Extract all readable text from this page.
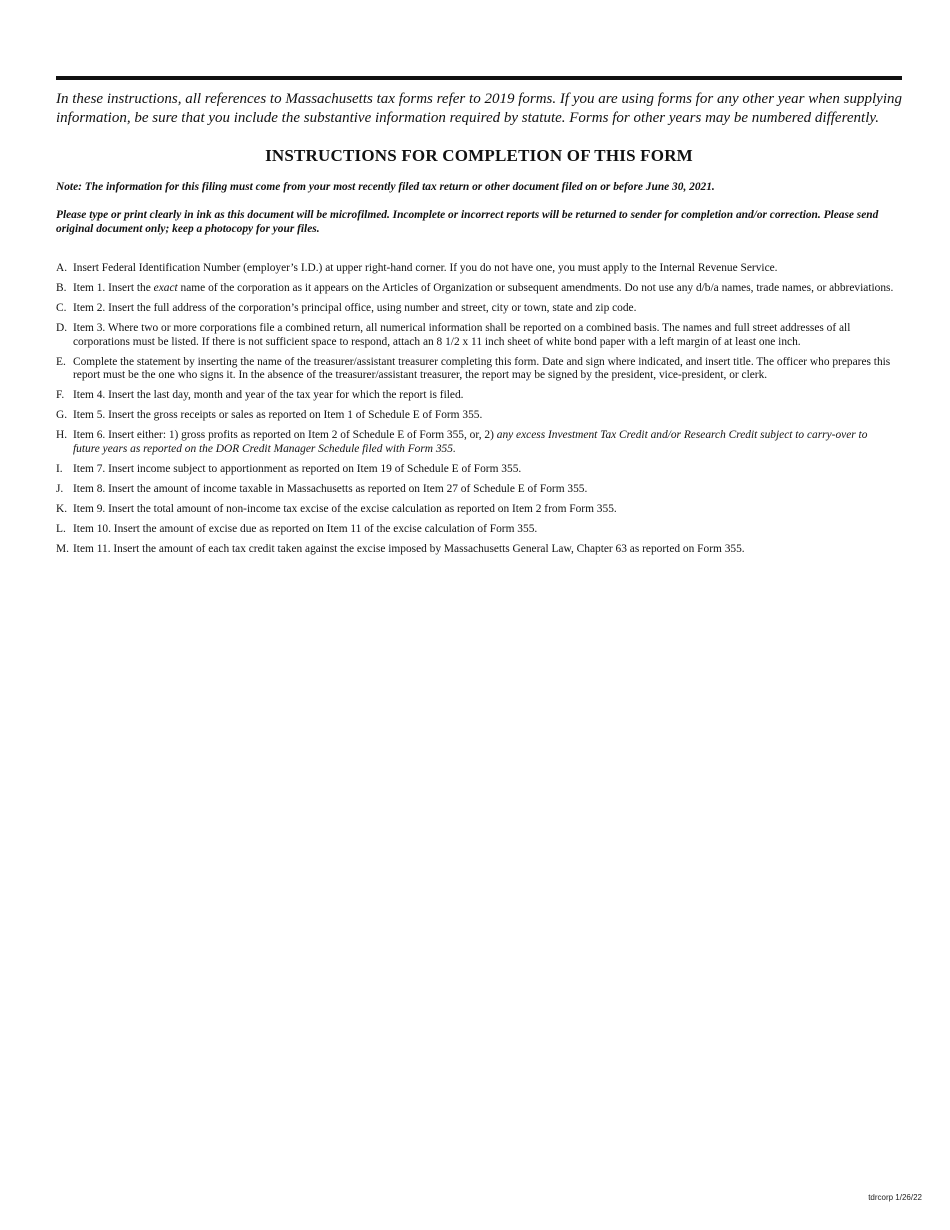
In these instructions, all references to Massachusetts tax forms refer to 2019 forms. If you are using forms for any other year when supplying information, be sure that you include the substantive information required by statute. Forms for other years may be numbered differently.

INSTRUCTIONS FOR COMPLETION OF THIS FORM

Note: The information for this filing must come from your most recently filed tax return or other document filed on or before June 30, 2021.

Please type or print clearly in ink as this document will be microfilmed. Incomplete or incorrect reports will be returned to sender for completion and/or correction. Please send original document only; keep a photocopy for your files.

A. Insert Federal Identification Number (employer’s I.D.) at upper right-hand corner. If you do not have one, you must apply to the Internal Revenue Service.
B. Item 1. Insert the exact name of the corporation as it appears on the Articles of Organization or subsequent amendments. Do not use any d/b/a names, trade names, or abbreviations.
C. Item 2. Insert the full address of the corporation’s principal office, using number and street, city or town, state and zip code.
D. Item 3. Where two or more corporations file a combined return, all numerical information shall be reported on a combined basis. The names and full street addresses of all corporations must be listed. If there is not sufficient space to respond, attach an 8 1/2 x 11 inch sheet of white bond paper with a left margin of at least one inch.
E. Complete the statement by inserting the name of the treasurer/assistant treasurer completing this form. Date and sign where indicated, and insert title. The officer who prepares this report must be the one who signs it. In the absence of the treasurer/assistant treasurer, the report may be signed by the president, vice-president, or clerk.
F. Item 4. Insert the last day, month and year of the tax year for which the report is filed.
G. Item 5. Insert the gross receipts or sales as reported on Item 1 of Schedule E of Form 355.
H. Item 6. Insert either: 1) gross profits as reported on Item 2 of Schedule E of Form 355, or, 2) any excess Investment Tax Credit and/or Research Credit subject to carry-over to future years as reported on the DOR Credit Manager Schedule filed with Form 355.
I. Item 7. Insert income subject to apportionment as reported on Item 19 of Schedule E of Form 355.
J. Item 8. Insert the amount of income taxable in Massachusetts as reported on Item 27 of Schedule E of Form 355.
K. Item 9. Insert the total amount of non-income tax excise of the excise calculation as reported on Item 2 from Form 355.
L. Item 10. Insert the amount of excise due as reported on Item 11 of the excise calculation of Form 355.
M. Item 11. Insert the amount of each tax credit taken against the excise imposed by Massachusetts General Law, Chapter 63 as reported on Form 355.
tdrcorp 1/26/22
